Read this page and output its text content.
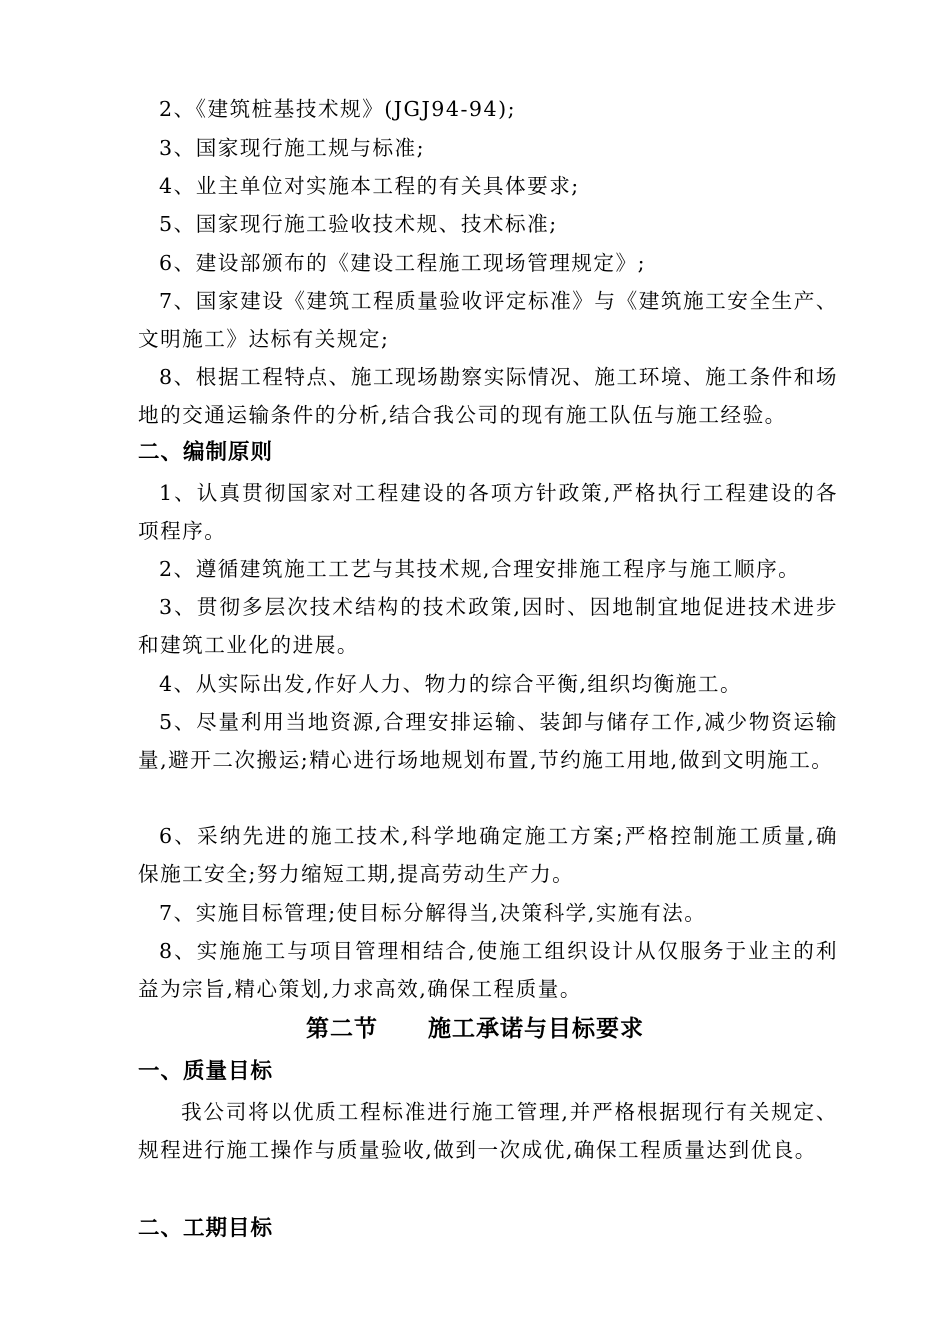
2、《建筑桩基技术规》(JGJ94-94);

3、国家现行施工规与标准;

4、业主单位对实施本工程的有关具体要求;

5、国家现行施工验收技术规、技术标准;

6、建设部颁布的《建设工程施工现场管理规定》;

7、国家建设《建筑工程质量验收评定标准》与《建筑施工安全生产、文明施工》达标有关规定;

8、根据工程特点、施工现场勘察实际情况、施工环境、施工条件和场地的交通运输条件的分析,结合我公司的现有施工队伍与施工经验。

二、编制原则

1、认真贯彻国家对工程建设的各项方针政策,严格执行工程建设的各项程序。

2、遵循建筑施工工艺与其技术规,合理安排施工程序与施工顺序。

3、贯彻多层次技术结构的技术政策,因时、因地制宜地促进技术进步和建筑工业化的进展。

4、从实际出发,作好人力、物力的综合平衡,组织均衡施工。

5、尽量利用当地资源,合理安排运输、装卸与储存工作,减少物资运输量,避开二次搬运;精心进行场地规划布置,节约施工用地,做到文明施工。

6、采纳先进的施工技术,科学地确定施工方案;严格控制施工质量,确保施工安全;努力缩短工期,提高劳动生产力。

7、实施目标管理;使目标分解得当,决策科学,实施有法。

8、实施施工与项目管理相结合,使施工组织设计从仅服务于业主的利益为宗旨,精心策划,力求高效,确保工程质量。

第二节 施工承诺与目标要求
一、质量目标

我公司将以优质工程标准进行施工管理,并严格根据现行有关规定、规程进行施工操作与质量验收,做到一次成优,确保工程质量达到优良。

二、工期目标
